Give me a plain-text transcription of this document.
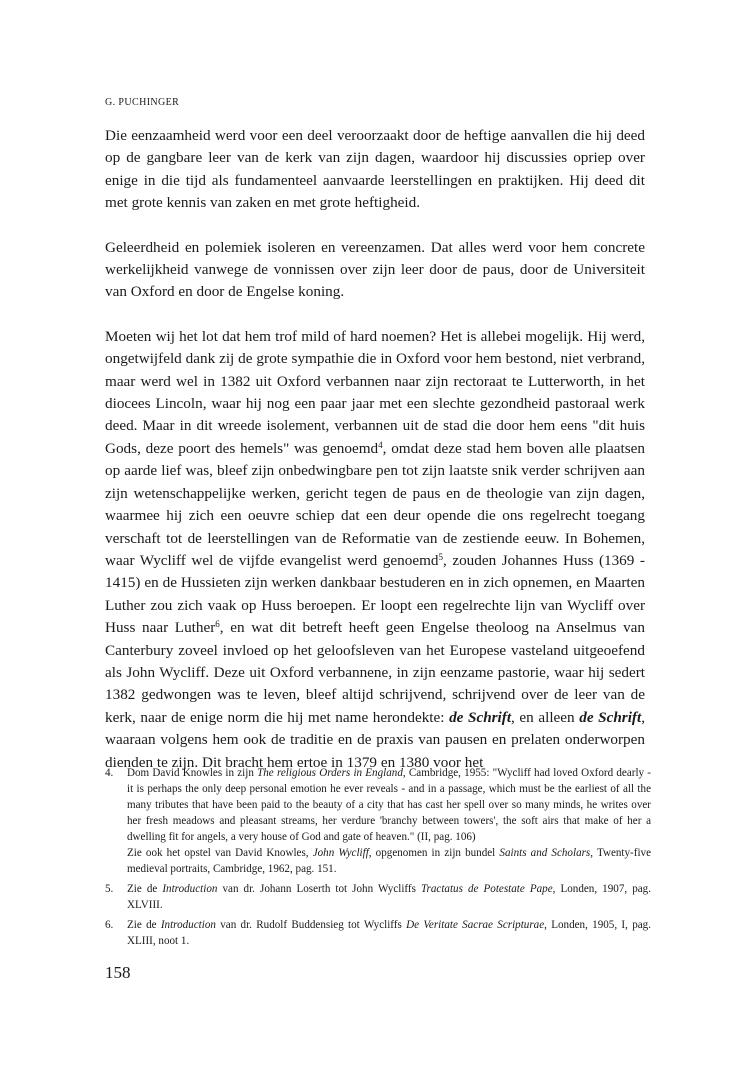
G. PUCHINGER

Die eenzaamheid werd voor een deel veroorzaakt door de heftige aanvallen die hij deed op de gangbare leer van de kerk van zijn dagen, waardoor hij discussies opriep over enige in die tijd als fundamenteel aanvaarde leerstellingen en praktijken. Hij deed dit met grote kennis van zaken en met grote heftigheid.

Geleerdheid en polemiek isoleren en vereenzamen. Dat alles werd voor hem concrete werkelijkheid vanwege de vonnissen over zijn leer door de paus, door de Universiteit van Oxford en door de Engelse koning.

Moeten wij het lot dat hem trof mild of hard noemen? Het is allebei mogelijk. Hij werd, ongetwijfeld dank zij de grote sympathie die in Oxford voor hem bestond, niet verbrand, maar werd wel in 1382 uit Oxford verbannen naar zijn rectoraat te Lutterworth, in het diocees Lincoln, waar hij nog een paar jaar met een slechte gezondheid pastoraal werk deed. Maar in dit wreede isolement, verbannen uit de stad die door hem eens "dit huis Gods, deze poort des hemels" was genoemd$^4$, omdat deze stad hem boven alle plaatsen op aarde lief was, bleef zijn onbedwingbare pen tot zijn laatste snik verder schrijven aan zijn wetenschappelijke werken, gericht tegen de paus en de theologie van zijn dagen, waarmee hij zich een oeuvre schiep dat een deur opende die ons regelrecht toegang verschaft tot de leerstellingen van de Reformatie van de zestiende eeuw. In Bohemen, waar Wycliff wel de vijfde evangelist werd genoemd$^5$, zouden Johannes Huss (1369 - 1415) en de Hussieten zijn werken dankbaar bestuderen en in zich opnemen, en Maarten Luther zou zich vaak op Huss beroepen. Er loopt een regelrechte lijn van Wycliff over Huss naar Luther$^6$, en wat dit betreft heeft geen Engelse theoloog na Anselmus van Canterbury zoveel invloed op het geloofsleven van het Europese vasteland uitgeoefend als John Wycliff. Deze uit Oxford verbannene, in zijn eenzame pastorie, waar hij sedert 1382 gedwongen was te leven, bleef altijd schrijvend, schrijvend over de leer van de kerk, naar de enige norm die hij met name herondekte: de Schrift, en alleen de Schrift, waaraan volgens hem ook de traditie en de praxis van pausen en prelaten onderworpen dienden te zijn. Dit bracht hem ertoe in 1379 en 1380 voor het

4. Dom David Knowles in zijn The religious Orders in England, Cambridge, 1955: "Wycliff had loved Oxford dearly - it is perhaps the only deep personal emotion he ever reveals - and in a passage, which must be the earliest of all the many tributes that have been paid to the beauty of a city that has cast her spell over so many minds, he writes over her fresh meadows and pleasant streams, her verdure 'branchy between towers', the soft airs that make of her a dwelling fit for angels, a very house of God and gate of heaven." (II, pag. 106)
Zie ook het opstel van David Knowles, John Wycliff, opgenomen in zijn bundel Saints and Scholars, Twenty-five medieval portraits, Cambridge, 1962, pag. 151.
5. Zie de Introduction van dr. Johann Loserth tot John Wycliffs Tractatus de Potestate Pape, Londen, 1907, pag. XLVIII.
6. Zie de Introduction van dr. Rudolf Buddensieg tot Wycliffs De Veritate Sacrae Scripturae, Londen, 1905, I, pag. XLIII, noot 1.
158
